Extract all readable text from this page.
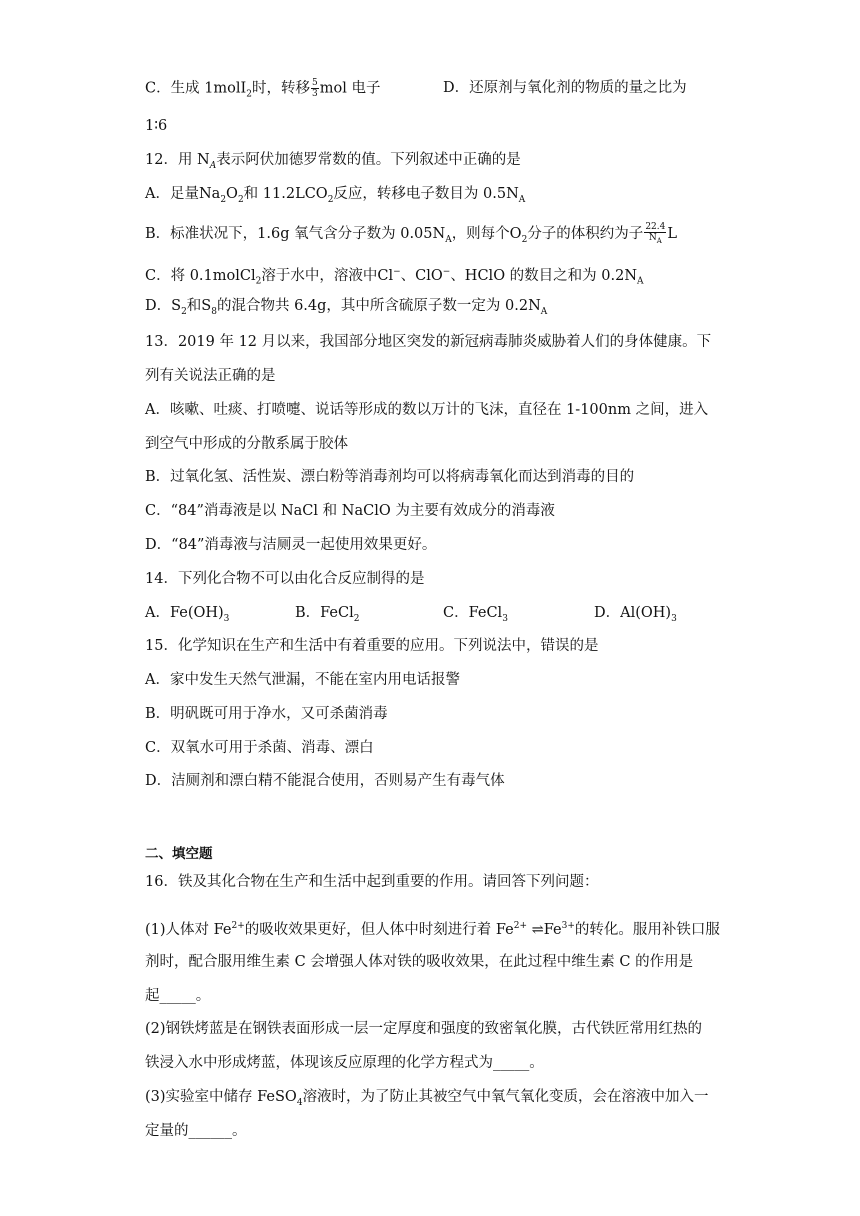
C．生成 1molI$_2$时，转移 $\frac{5}{3}$ mol 电子	D．还原剂与氧化剂的物质的量之比为
1∶6
12．用 $N_A$表示阿伏加德罗常数的值。下列叙述中正确的是
A．足量$Na_2O_2$和 $11.2LCO_2$反应，转移电子数目为 $0.5N_A$
B．标准状况下，1.6g 氧气含分子数为 $0.05N_A$，则每个$O_2$分子的体积约为子 $\frac{22.4}{N_A}$ L
C．将 0.1molCl$_2$溶于水中，溶液中Cl−、ClO−、HClO 的数目之和为 $0.2N_A$
D．$S_2$和$S_8$的混合物共 6.4g，其中所含硫原子数一定为 $0.2N_A$
13．2019 年 12 月以来，我国部分地区突发的新冠病毒肺炎威胁着人们的身体健康。下
列有关说法正确的是
A．咳嗽、吐痰、打喷嚏、说话等形成的数以万计的飞沫，直径在 1-100nm 之间，进入
到空气中形成的分散系属于胶体
B．过氧化氢、活性炭、漂白粉等消毒剂均可以将病毒氧化而达到消毒的目的
C．“84”消毒液是以 NaCl 和 NaClO 为主要有效成分的消毒液
D．“84”消毒液与洁厕灵一起使用效果更好。
14．下列化合物不可以由化合反应制得的是
A．$Fe(OH)_3$	B．FeCl$_2$	C．FeCl$_3$	D．$Al(OH)_3$
15．化学知识在生产和生活中有着重要的应用。下列说法中，错误的是
A．家中发生天然气泄漏，不能在室内用电话报警
B．明矾既可用于净水，又可杀菌消毒
C．双氧水可用于杀菌、消毒、漂白
D．洁厕剂和漂白精不能混合使用，否则易产生有毒气体
二、填空题
16．铁及其化合物在生产和生活中起到重要的作用。请回答下列问题：
(1)人体对 $Fe^{2+}$的吸收效果更好，但人体中时刻进行着 $Fe^{2+}$ $\rightleftharpoons Fe^{3+}$的转化。服用补铁口服
剂时，配合服用维生素 C 会增强人体对铁的吸收效果，在此过程中维生素 C 的作用是
起_____。
(2)钢铁烤蓝是在钢铁表面形成一层一定厚度和强度的致密氧化膜，古代铁匠常用红热的
铁浸入水中形成烤蓝，体现该反应原理的化学方程式为_____。
(3)实验室中储存 FeSO$_4$溶液时，为了防止其被空气中氧气氧化变质，会在溶液中加入一
定量的______。
